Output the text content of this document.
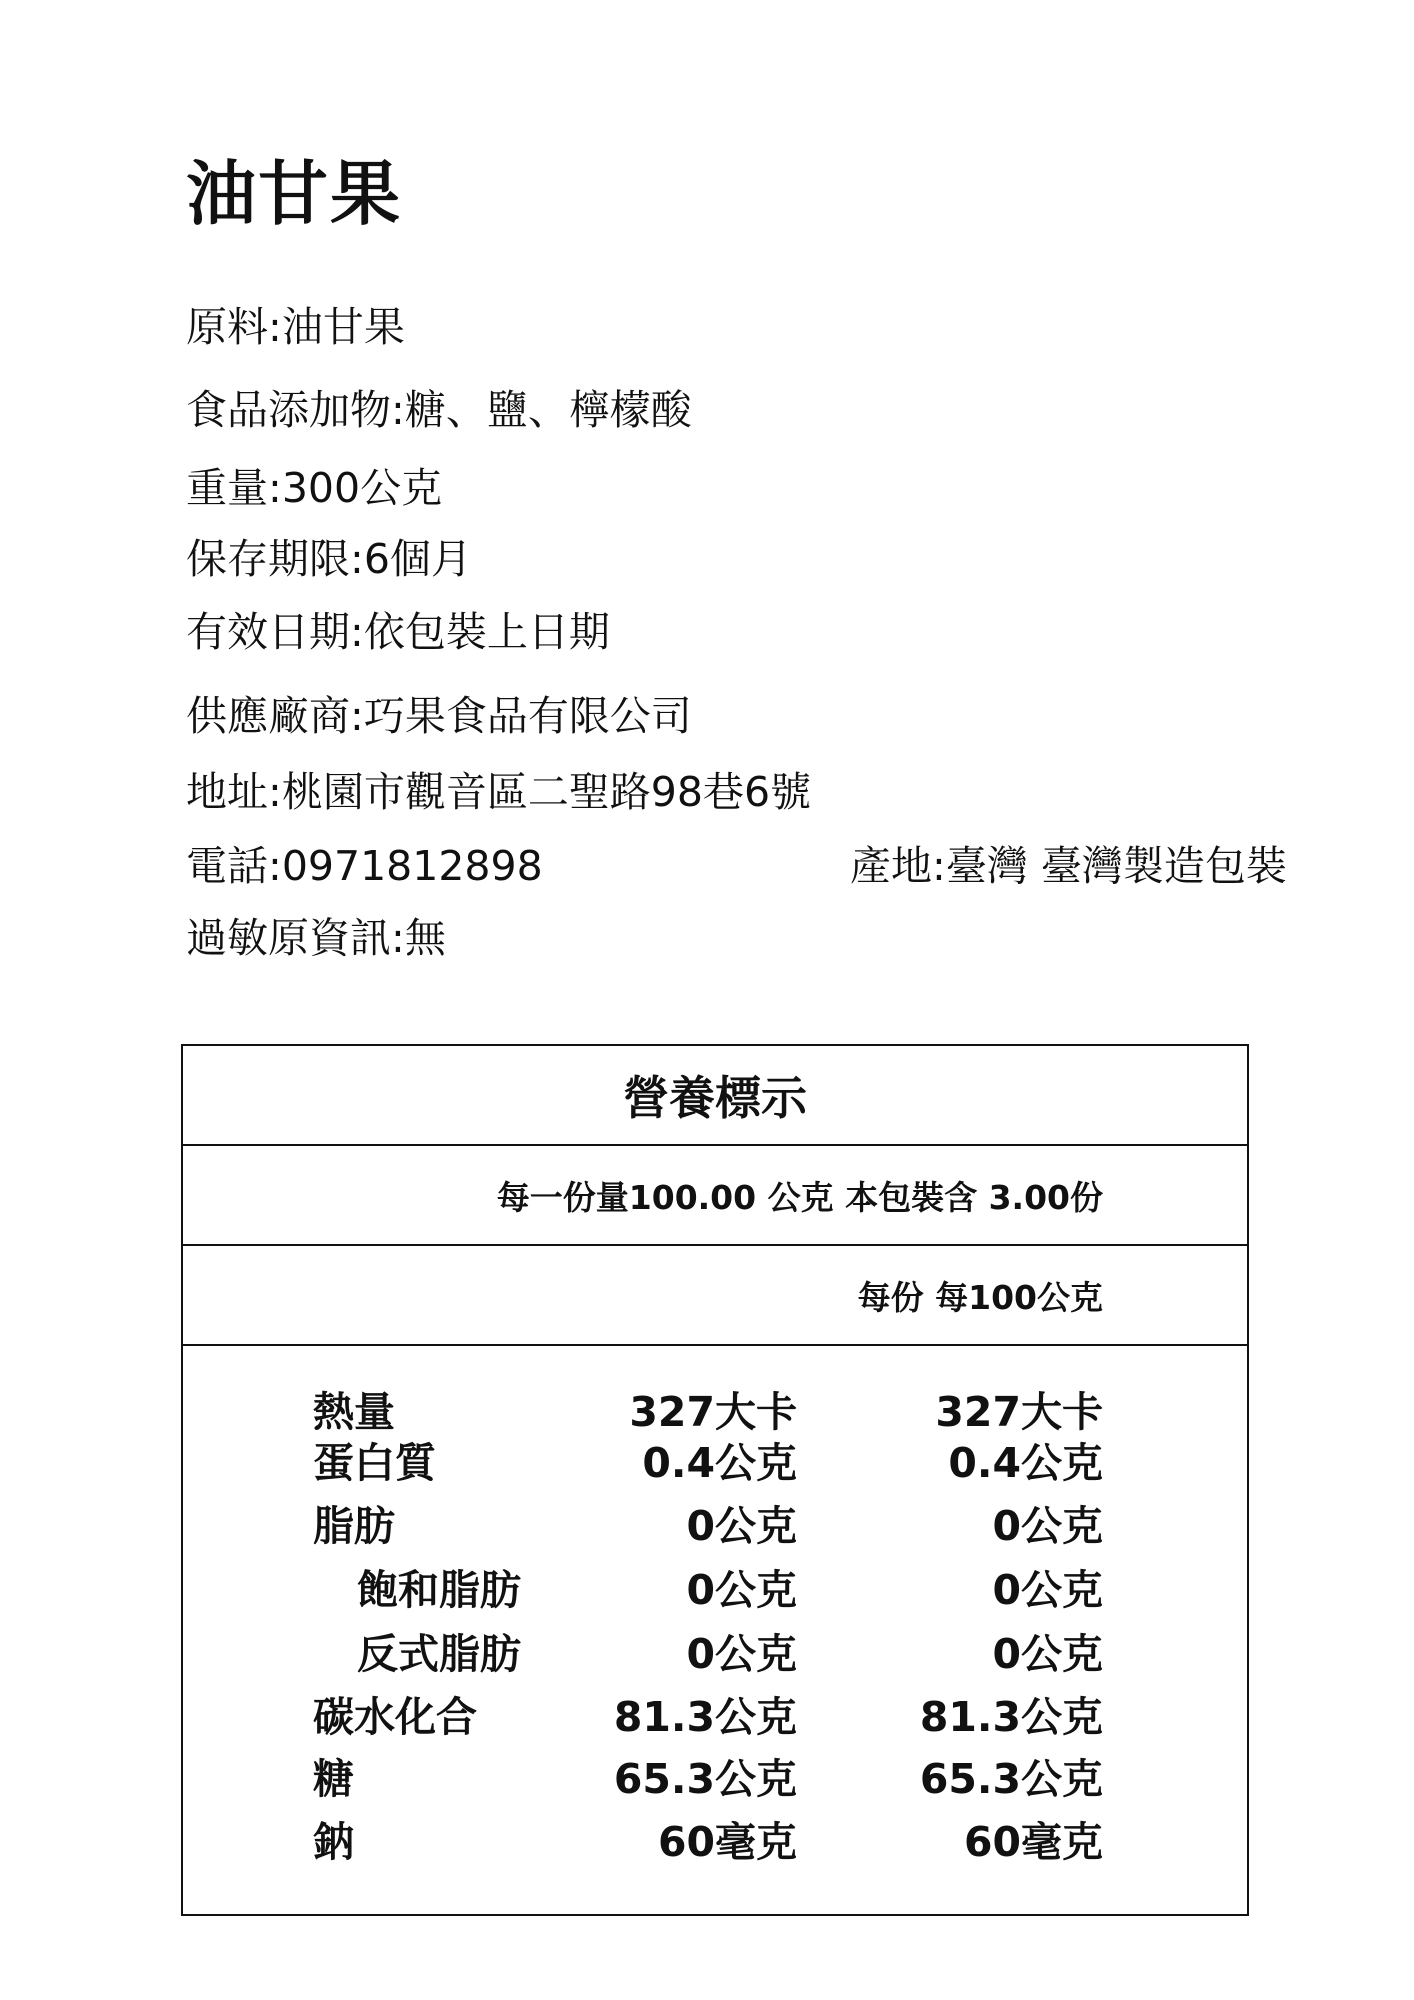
油甘果
原料:油甘果
食品添加物:糖、鹽、檸檬酸
重量:300公克
保存期限:6個月
有效日期:依包裝上日期
供應廠商:巧果食品有限公司
地址:桃園市觀音區二聖路98巷6號
電話:0971812898	產地:臺灣 臺灣製造包裝
過敏原資訊:無
營養標示
每一份量100.00 公克 本包裝含 3.00份
每份 每100公克
熱量	327大卡	327大卡
蛋白質	0.4公克	0.4公克
脂肪	0公克	0公克
飽和脂肪	0公克	0公克
反式脂肪	0公克	0公克
碳水化合	81.3公克	81.3公克
糖	65.3公克	65.3公克
鈉	60毫克	60毫克
